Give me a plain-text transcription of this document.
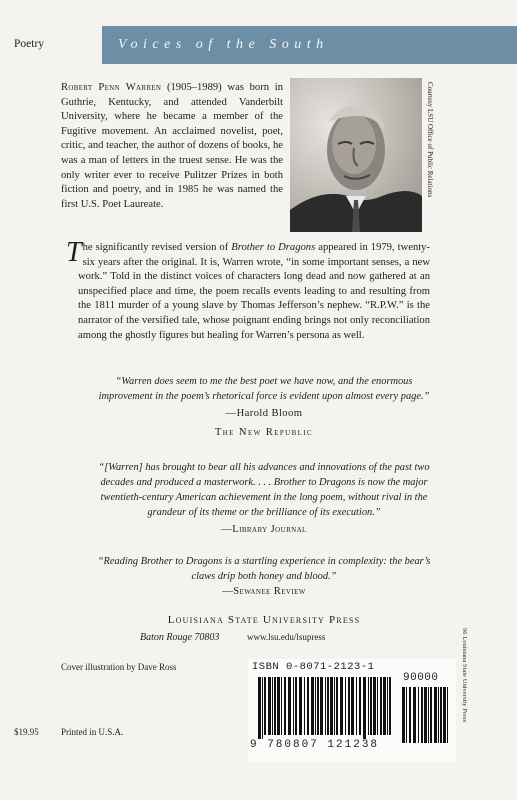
Poetry	Voices of the South

Robert Penn Warren (1905–1989) was born in Guthrie, Kentucky, and attended Vanderbilt University, where he became a member of the Fugitive movement. An acclaimed novelist, poet, critic, and teacher, the author of dozens of books, he was a man of letters in the truest sense. He was the only writer ever to receive Pulitzer Prizes in both fiction and poetry, and in 1985 he was named the first U.S. Poet Laureate.

Courtesy LSU Office of Public Relations

The significantly revised version of Brother to Dragons appeared in 1979, twenty-six years after the original. It is, Warren wrote, “in some important senses, a new work.” Told in the distinct voices of characters long dead and now gathered at an unspecified place and time, the poem recalls events leading to and resulting from the 1811 murder of a young slave by Thomas Jefferson’s nephew. “R.P.W.” is the narrator of the versified tale, whose poignant ending brings not only reconciliation among the ghostly figures but healing for Warren’s persona as well.

“Warren does seem to me the best poet we have now, and the enormous improvement in the poem’s rhetorical force is evident upon almost every page.”

—Harold Bloom
The New Republic

“[Warren] has brought to bear all his advances and innovations of the past two decades and produced a masterwork. . . . Brother to Dragons is now the major twentieth-century American achievement in the long poem, without rival in the grandeur of its theme or the brilliance of its execution.”

—Library Journal

“Reading Brother to Dragons is a startling experience in complexity: the bear’s claws drip both honey and blood.”

—Sewanee Review
Louisiana State University Press
Baton Rouge 70803	www.lsu.edu/lsupress
Cover illustration by Dave Ross
$19.95 Printed in U.S.A.
ISBN 0-8071-2123-1
90000
9 780807 121238
96 Louisiana State University Press
